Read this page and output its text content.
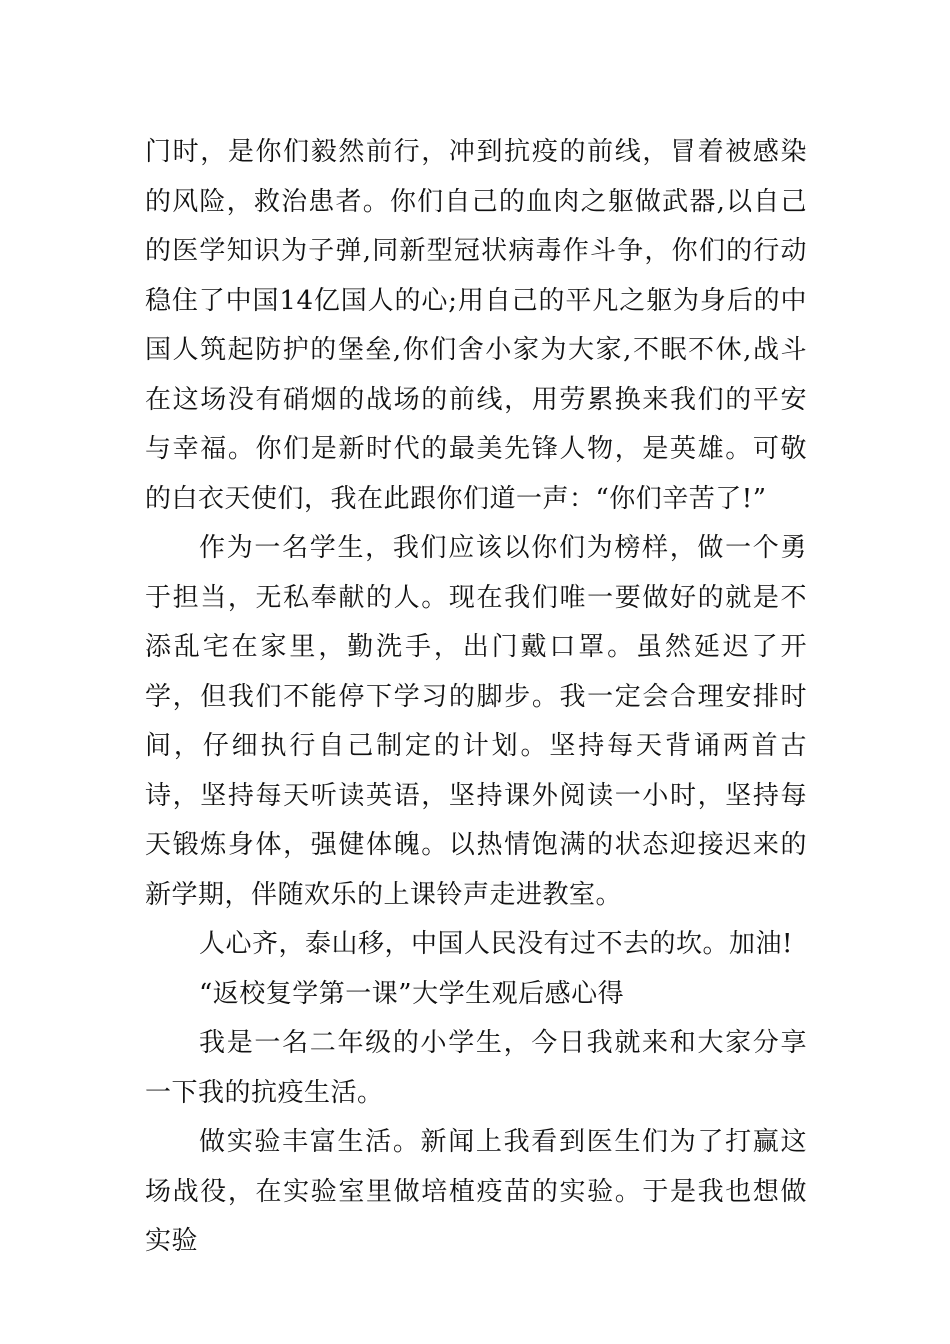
门时，是你们毅然前行，冲到抗疫的前线，冒着被感染的风险，救治患者。你们自己的血肉之躯做武器,以自己的医学知识为子弹,同新型冠状病毒作斗争，你们的行动稳住了中国14亿国人的心;用自己的平凡之躯为身后的中国人筑起防护的堡垒,你们舍小家为大家,不眠不休,战斗在这场没有硝烟的战场的前线，用劳累换来我们的平安与幸福。你们是新时代的最美先锋人物，是英雄。可敬的白衣天使们，我在此跟你们道一声：“你们辛苦了!”

作为一名学生，我们应该以你们为榜样，做一个勇于担当，无私奉献的人。现在我们唯一要做好的就是不添乱宅在家里，勤洗手，出门戴口罩。虽然延迟了开学，但我们不能停下学习的脚步。我一定会合理安排时间，仔细执行自己制定的计划。坚持每天背诵两首古诗，坚持每天听读英语，坚持课外阅读一小时，坚持每天锻炼身体，强健体魄。以热情饱满的状态迎接迟来的新学期，伴随欢乐的上课铃声走进教室。

人心齐，泰山移，中国人民没有过不去的坎。加油!

“返校复学第一课”大学生观后感心得

我是一名二年级的小学生，今日我就来和大家分享一下我的抗疫生活。

做实验丰富生活。新闻上我看到医生们为了打赢这场战役，在实验室里做培植疫苗的实验。于是我也想做实验
